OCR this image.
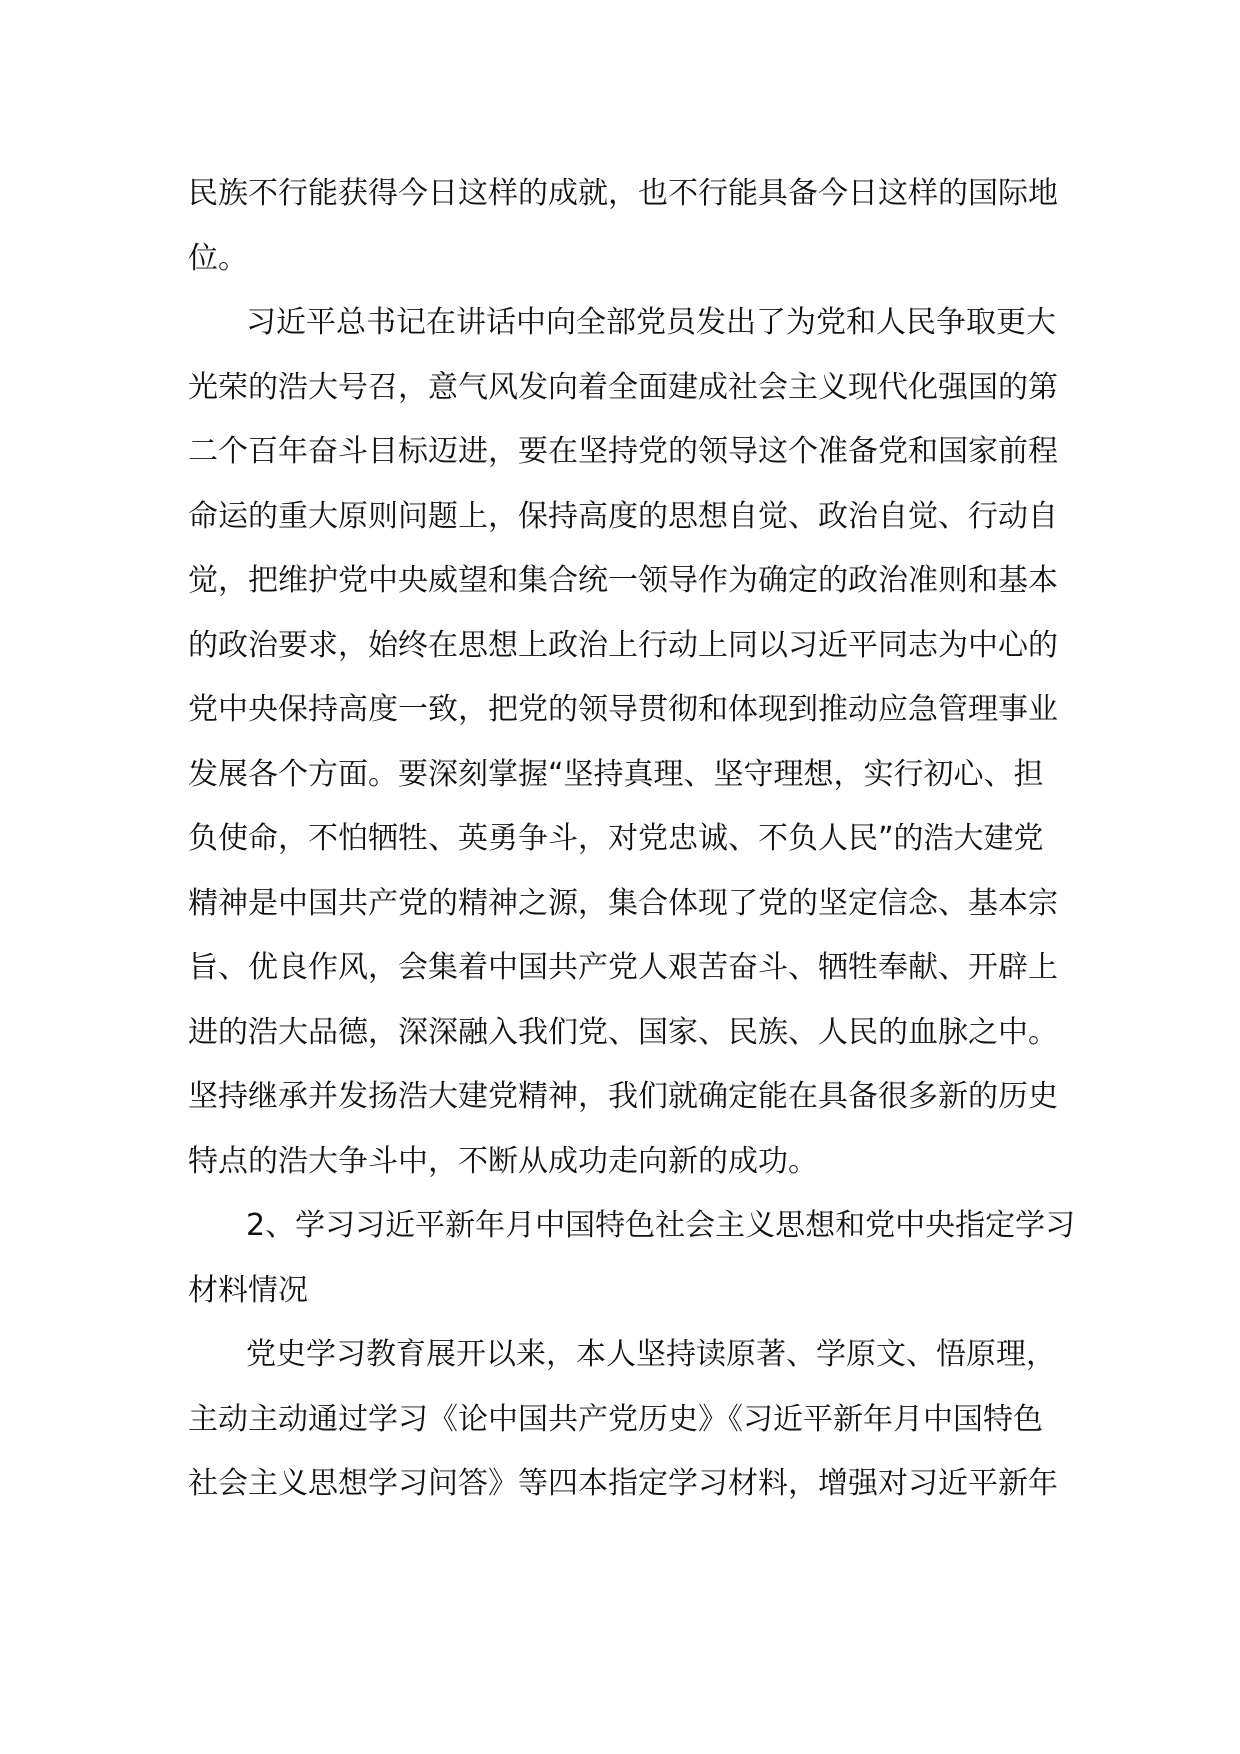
民族不行能获得今日这样的成就，也不行能具备今日这样的国际地
位。
习近平总书记在讲话中向全部党员发出了为党和人民争取更大
光荣的浩大号召，意气风发向着全面建成社会主义现代化强国的第
二个百年奋斗目标迈进，要在坚持党的领导这个准备党和国家前程
命运的重大原则问题上，保持高度的思想自觉、政治自觉、行动自
觉，把维护党中央威望和集合统一领导作为确定的政治准则和基本
的政治要求，始终在思想上政治上行动上同以习近平同志为中心的
党中央保持高度一致，把党的领导贯彻和体现到推动应急管理事业
发展各个方面。要深刻掌握“坚持真理、坚守理想，实行初心、担
负使命，不怕牺牲、英勇争斗，对党忠诚、不负人民”的浩大建党
精神是中国共产党的精神之源，集合体现了党的坚定信念、基本宗
旨、优良作风，会集着中国共产党人艰苦奋斗、牺牲奉献、开辟上
进的浩大品德，深深融入我们党、国家、民族、人民的血脉之中。
坚持继承并发扬浩大建党精神，我们就确定能在具备很多新的历史
特点的浩大争斗中，不断从成功走向新的成功。
2、学习习近平新年月中国特色社会主义思想和党中央指定学习
材料情况
党史学习教育展开以来，本人坚持读原著、学原文、悟原理，
主动主动通过学习《论中国共产党历史》《习近平新年月中国特色
社会主义思想学习问答》等四本指定学习材料，增强对习近平新年
